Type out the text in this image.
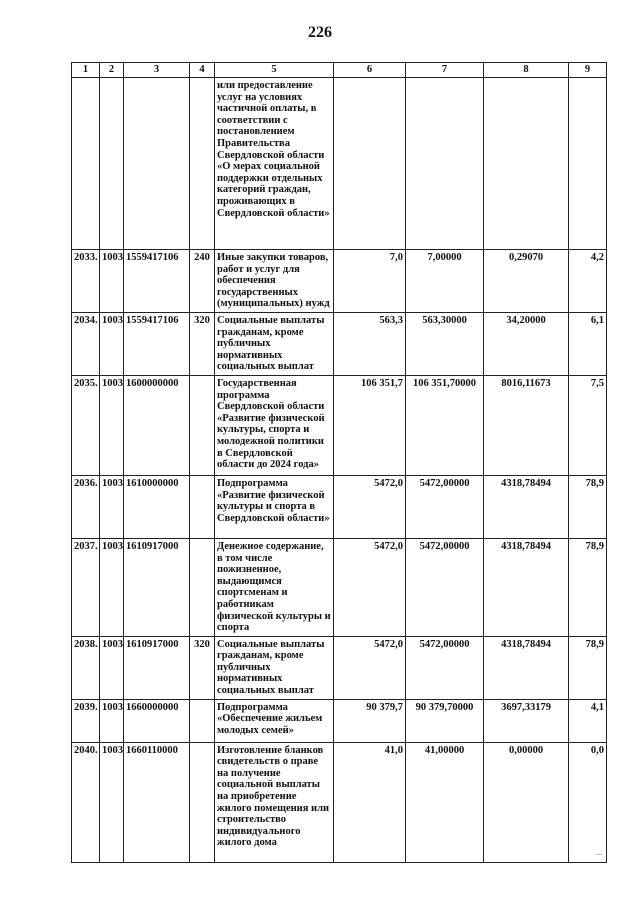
226
1	2	3	4	5	6	7	8	9
				или предоставление услуг на условиях частичной оплаты, в соответствии с постановлением Правительства Свердловской области «О мерах социальной поддержки отдельных категорий граждан, проживающих в Свердловской области»				
2033.	1003	1559417106	240	Иные закупки товаров, работ и услуг для обеспечения государственных (муниципальных) нужд	7,0	7,00000	0,29070	4,2
2034.	1003	1559417106	320	Социальные выплаты гражданам, кроме публичных нормативных социальных выплат	563,3	563,30000	34,20000	6,1
2035.	1003	1600000000		Государственная программа Свердловской области «Развитие физической культуры, спорта и молодежной политики в Свердловской области до 2024 года»	106 351,7	106 351,70000	8016,11673	7,5
2036.	1003	1610000000		Подпрограмма «Развитие физической культуры и спорта в Свердловской области»	5472,0	5472,00000	4318,78494	78,9
2037.	1003	1610917000		Денежное содержание, в том числе пожизненное, выдающимся спортсменам и работникам физической культуры и спорта	5472,0	5472,00000	4318,78494	78,9
2038.	1003	1610917000	320	Социальные выплаты гражданам, кроме публичных нормативных социальных выплат	5472,0	5472,00000	4318,78494	78,9
2039.	1003	1660000000		Подпрограмма «Обеспечение жильем молодых семей»	90 379,7	90 379,70000	3697,33179	4,1
2040.	1003	1660110000		Изготовление бланков свидетельств о праве на получение социальной выплаты на приобретение жилого помещения или строительство индивидуального жилого дома	41,0	41,00000	0,00000	0,0
...
